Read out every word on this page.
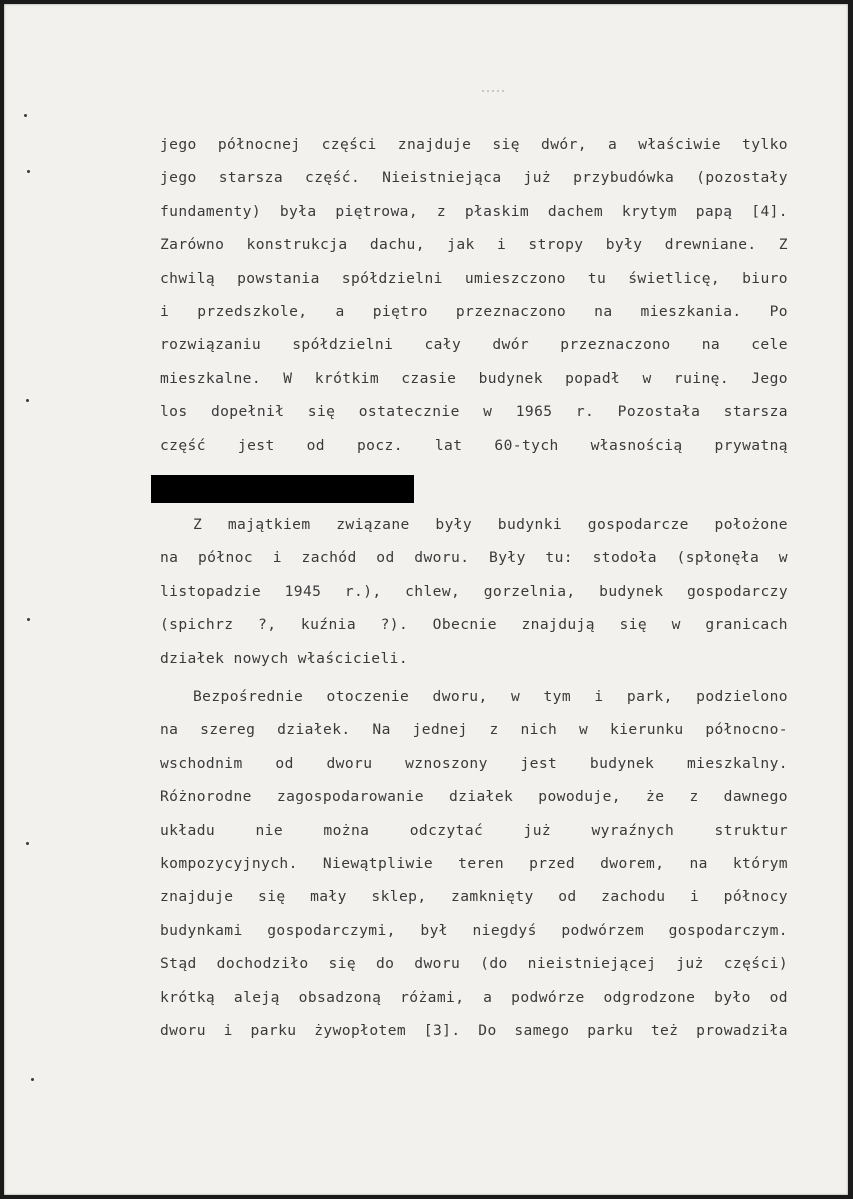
jego północnej części znajduje się dwór, a właściwie tylko
jego starsza część. Nieistniejąca już przybudówka (pozostały
fundamenty) była piętrowa, z płaskim dachem krytym papą [4].
Zarówno konstrukcja dachu, jak i stropy były drewniane. Z
chwilą powstania spółdzielni umieszczono tu świetlicę, biuro
i przedszkole, a piętro przeznaczono na mieszkania. Po
rozwiązaniu spółdzielni cały dwór przeznaczono na cele
mieszkalne. W krótkim czasie budynek popadł w ruinę. Jego
los dopełnił się ostatecznie w 1965 r. Pozostała starsza
część jest od pocz. lat 60-tych własnością prywatną
Z majątkiem związane były budynki gospodarcze położone
na północ i zachód od dworu. Były tu: stodoła (spłonęła w
listopadzie 1945 r.), chlew, gorzelnia, budynek gospodarczy
(spichrz ?, kuźnia ?). Obecnie znajdują się w granicach
działek nowych właścicieli.
Bezpośrednie otoczenie dworu, w tym i park, podzielono
na szereg działek. Na jednej z nich w kierunku północno-
wschodnim od dworu wznoszony jest budynek mieszkalny.
Różnorodne zagospodarowanie działek powoduje, że z dawnego
układu nie można odczytać już wyraźnych struktur
kompozycyjnych. Niewątpliwie teren przed dworem, na którym
znajduje się mały sklep, zamknięty od zachodu i północy
budynkami gospodarczymi, był niegdyś podwórzem gospodarczym.
Stąd dochodziło się do dworu (do nieistniejącej już części)
krótką aleją obsadzoną różami, a podwórze odgrodzone było od
dworu i parku żywopłotem [3]. Do samego parku też prowadziła
